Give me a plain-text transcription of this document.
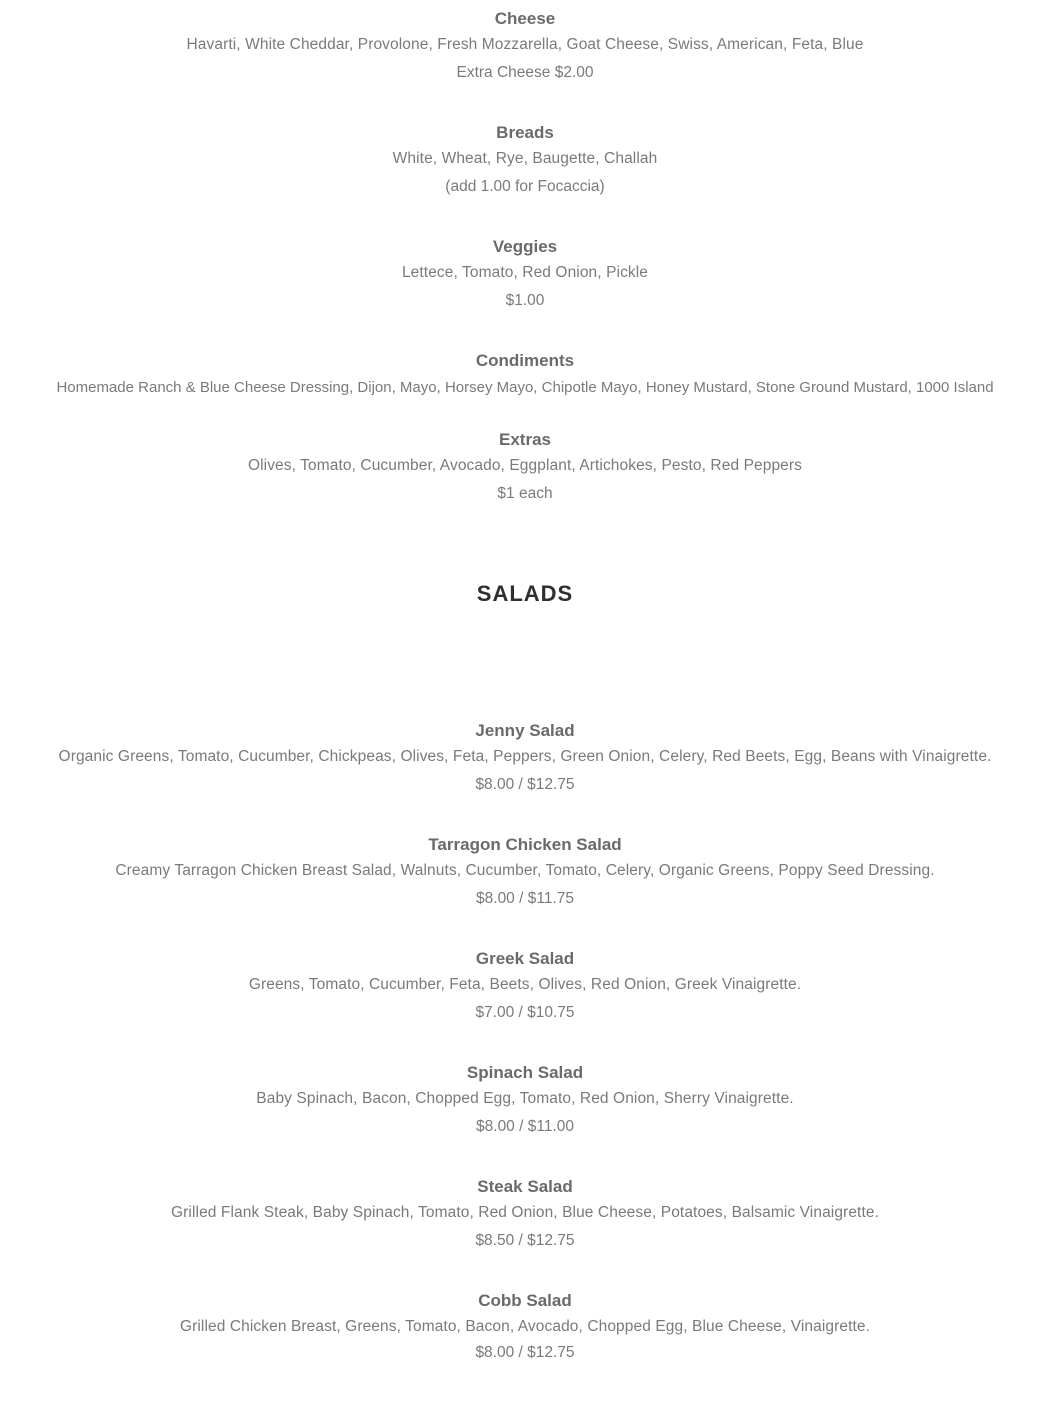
Cheese
Havarti, White Cheddar, Provolone, Fresh Mozzarella, Goat Cheese, Swiss, American, Feta, Blue
Extra Cheese $2.00
Breads
White, Wheat, Rye, Baugette, Challah
(add 1.00 for Focaccia)
Veggies
Lettece, Tomato, Red Onion, Pickle
$1.00
Condiments
Homemade Ranch & Blue Cheese Dressing, Dijon, Mayo, Horsey Mayo, Chipotle Mayo, Honey Mustard, Stone Ground Mustard, 1000 Island
Extras
Olives, Tomato, Cucumber, Avocado, Eggplant, Artichokes, Pesto, Red Peppers
$1 each
SALADS
Jenny Salad
Organic Greens, Tomato, Cucumber, Chickpeas, Olives, Feta, Peppers, Green Onion, Celery, Red Beets, Egg, Beans with Vinaigrette.
$8.00 / $12.75
Tarragon Chicken Salad
Creamy Tarragon Chicken Breast Salad, Walnuts, Cucumber, Tomato, Celery, Organic Greens, Poppy Seed Dressing.
$8.00 / $11.75
Greek Salad
Greens, Tomato, Cucumber, Feta, Beets, Olives, Red Onion, Greek Vinaigrette.
$7.00 / $10.75
Spinach Salad
Baby Spinach, Bacon, Chopped Egg, Tomato, Red Onion, Sherry Vinaigrette.
$8.00 / $11.00
Steak Salad
Grilled Flank Steak, Baby Spinach, Tomato, Red Onion, Blue Cheese, Potatoes, Balsamic Vinaigrette.
$8.50 / $12.75
Cobb Salad
Grilled Chicken Breast, Greens, Tomato, Bacon, Avocado, Chopped Egg, Blue Cheese, Vinaigrette.
$8.00 / $12.75
